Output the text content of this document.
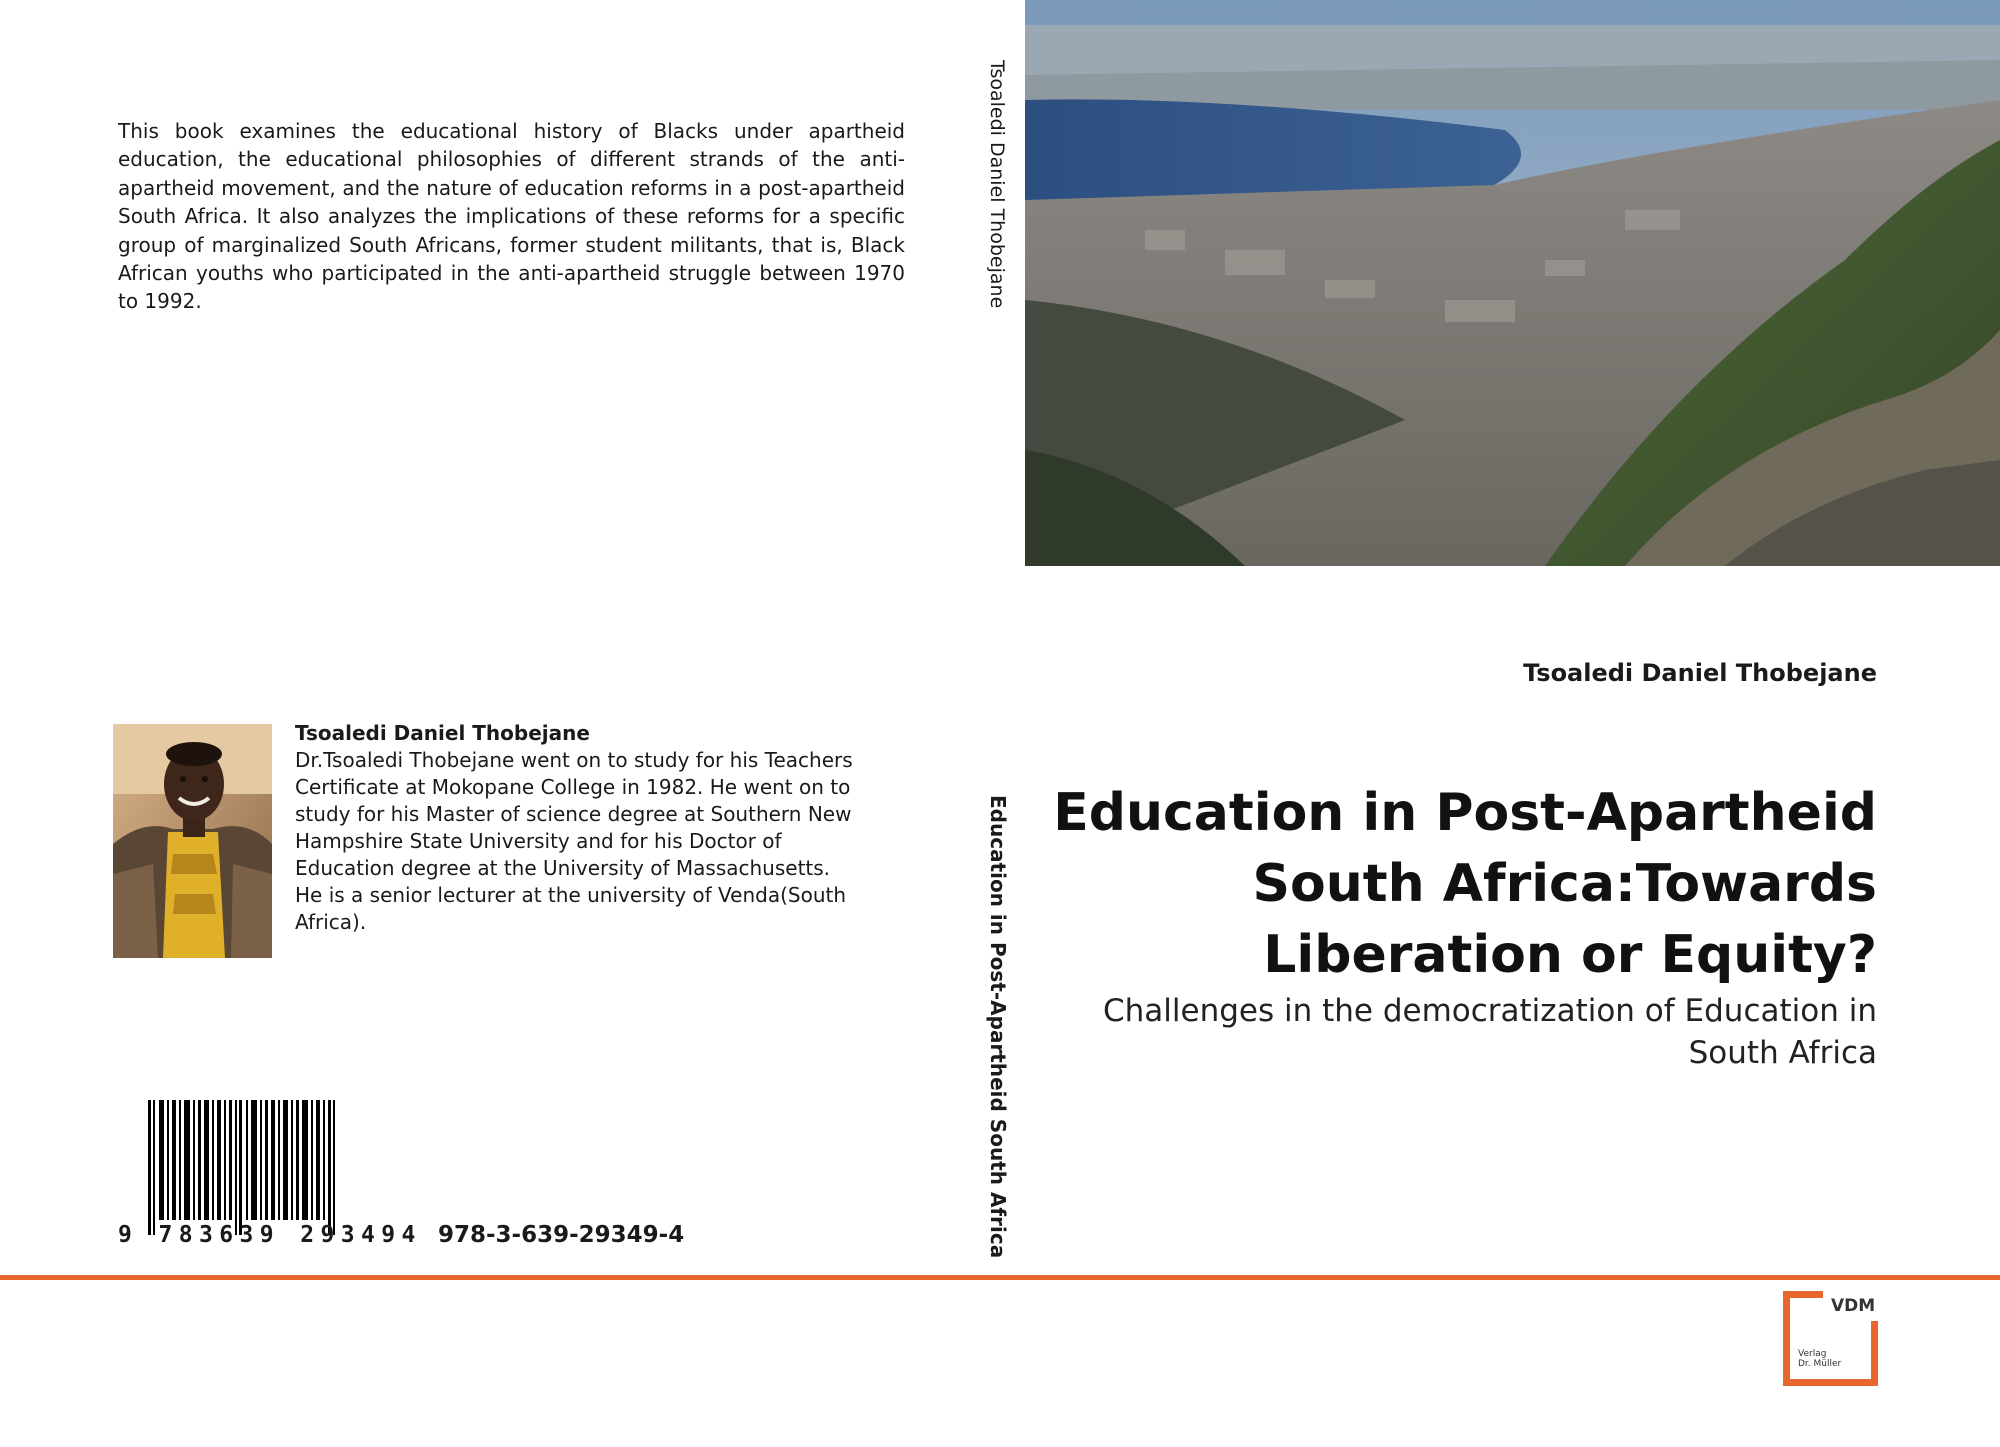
This book examines the educational history of Blacks under apartheid education, the educational philosophies of different strands of the anti-apartheid movement, and the nature of education reforms in a post-apartheid South Africa. It also analyzes the implications of these reforms for a specific group of marginalized South Africans, former student militants, that is, Black African youths who participated in the anti-apartheid struggle between 1970 to 1992.

Tsoaledi Daniel Thobejane

Dr.Tsoaledi Thobejane went on to study for his Teachers Certificate at Mokopane College in 1982. He went on to study for his Master of science degree at Southern New Hampshire State University and for his Doctor of Education degree at the University of Massachusetts. He is a senior lecturer at the university of Venda(South Africa).

9 783639 293494 978-3-639-29349-4
Tsoaledi Daniel Thobejane
Education in Post-Apartheid South Africa
Tsoaledi Daniel Thobejane

Education in Post-Apartheid South Africa:Towards Liberation or Equity?

Challenges in the democratization of Education in South Africa

VDM
Verlag
Dr. Müller
